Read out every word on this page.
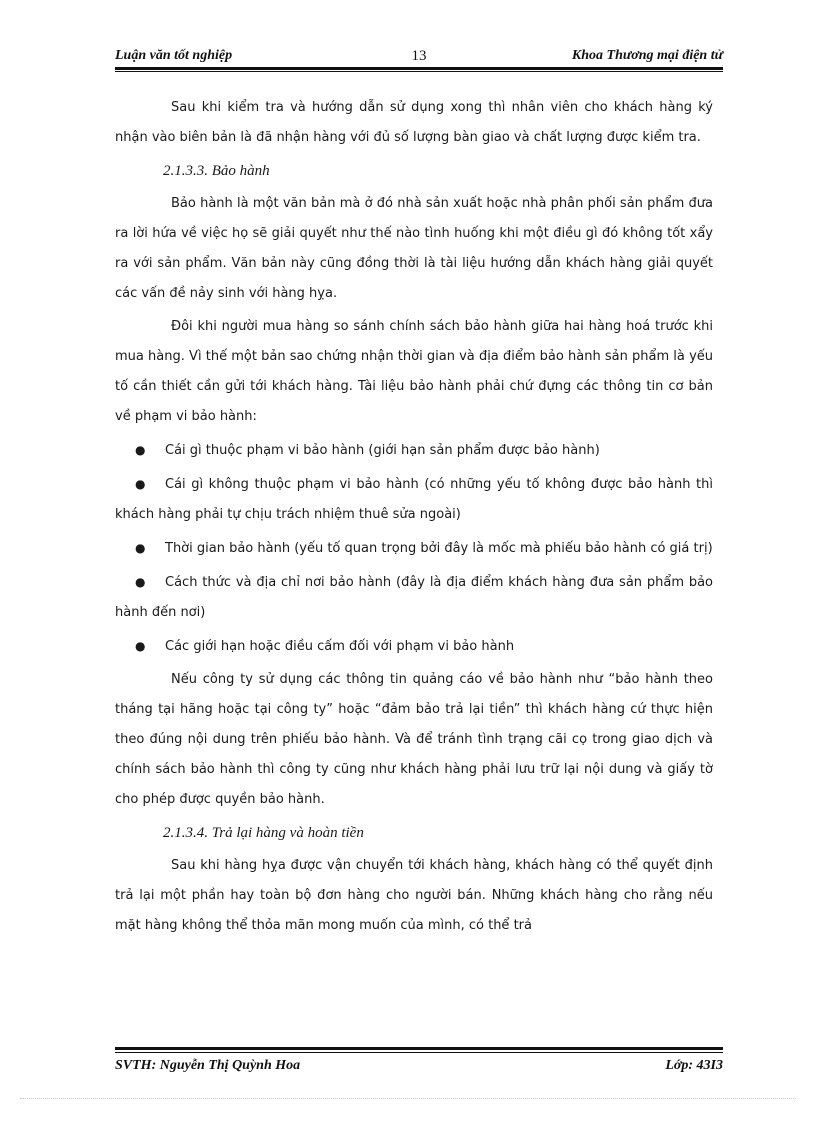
Luận văn tốt nghiệp	13	Khoa Thương mại điện tử

Sau khi kiểm tra và hướng dẫn sử dụng xong thì nhân viên cho khách hàng ký nhận vào biên bản là đã nhận hàng với đủ số lượng bàn giao và chất lượng được kiểm tra.

2.1.3.3. Bảo hành

Bảo hành là một văn bản mà ở đó nhà sản xuất hoặc nhà phân phối sản phẩm đưa ra lời hứa về việc họ sẽ giải quyết như thế nào tình huống khi một điều gì đó không tốt xẩy ra với sản phẩm. Văn bản này cũng đồng thời là tài liệu hướng dẫn khách hàng giải quyết các vấn đề nảy sinh với hàng hỵa.

Đôi khi người mua hàng so sánh chính sách bảo hành giữa hai hàng hoá trước khi mua hàng. Vì thế một bản sao chứng nhận thời gian và địa điểm bảo hành sản phẩm là yếu tố cần thiết cần gửi tới khách hàng. Tài liệu bảo hành phải chứ đựng các thông tin cơ bản về phạm vi bảo hành:

● Cái gì thuộc phạm vi bảo hành (giới hạn sản phẩm được bảo hành)

● Cái gì không thuộc phạm vi bảo hành (có những yếu tố không được bảo hành thì khách hàng phải tự chịu trách nhiệm thuê sửa ngoài)

● Thời gian bảo hành (yếu tố quan trọng bởi đây là mốc mà phiếu bảo hành có giá trị)

● Cách thức và địa chỉ nơi bảo hành (đây là địa điểm khách hàng đưa sản phẩm bảo hành đến nơi)

● Các giới hạn hoặc điều cấm đối với phạm vi bảo hành

Nếu công ty sử dụng các thông tin quảng cáo về bảo hành như “bảo hành theo tháng tại hãng hoặc tại công ty” hoặc “đảm bảo trả lại tiền” thì khách hàng cứ thực hiện theo đúng nội dung trên phiếu bảo hành. Và để tránh tình trạng cãi cọ trong giao dịch và chính sách bảo hành thì công ty cũng như khách hàng phải lưu trữ lại nội dung và giấy tờ cho phép được quyền bảo hành.

2.1.3.4. Trả lại hàng và hoàn tiền

Sau khi hàng hỵa được vận chuyển tới khách hàng, khách hàng có thể quyết định trả lại một phần hay toàn bộ đơn hàng cho người bán. Những khách hàng cho rằng nếu mặt hàng không thể thỏa mãn mong muốn của mình, có thể trả

SVTH: Nguyễn Thị Quỳnh Hoa	Lớp: 43I3
